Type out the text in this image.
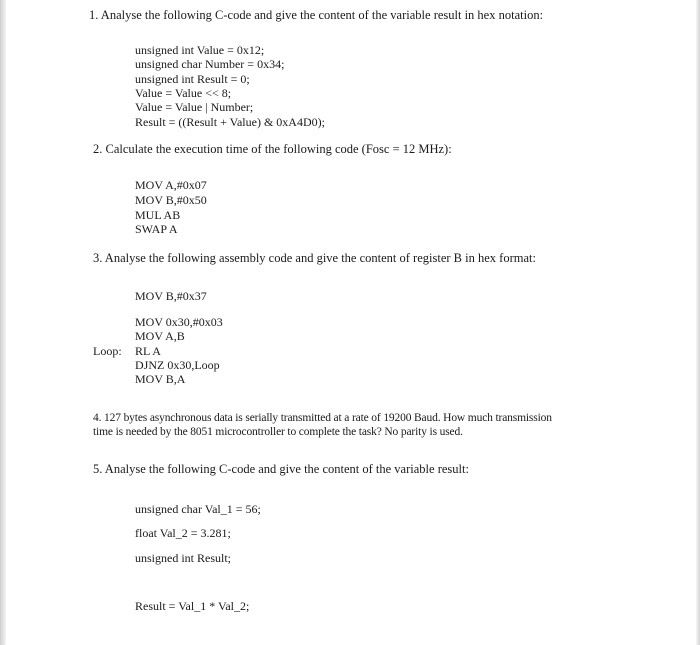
1. Analyse the following C-code and give the content of the variable result in hex notation:
unsigned int Value = 0x12;
unsigned char Number = 0x34;
unsigned int Result = 0;
Value = Value << 8;
Value = Value | Number;
Result = ((Result + Value) & 0xA4D0);
2. Calculate the execution time of the following code (Fosc = 12 MHz):
MOV A,#0x07
MOV B,#0x50
MUL AB
SWAP A
3. Analyse the following assembly code and give the content of register B in hex format:
MOV B,#0x37
MOV 0x30,#0x03
MOV A,B
Loop: RL A
DJNZ 0x30,Loop
MOV B,A
4. 127 bytes asynchronous data is serially transmitted at a rate of 19200 Baud. How much transmission
time is needed by the 8051 microcontroller to complete the task? No parity is used.
5. Analyse the following C-code and give the content of the variable result:
unsigned char Val_1 = 56;
float Val_2 = 3.281;
unsigned int Result;
Result = Val_1 * Val_2;
